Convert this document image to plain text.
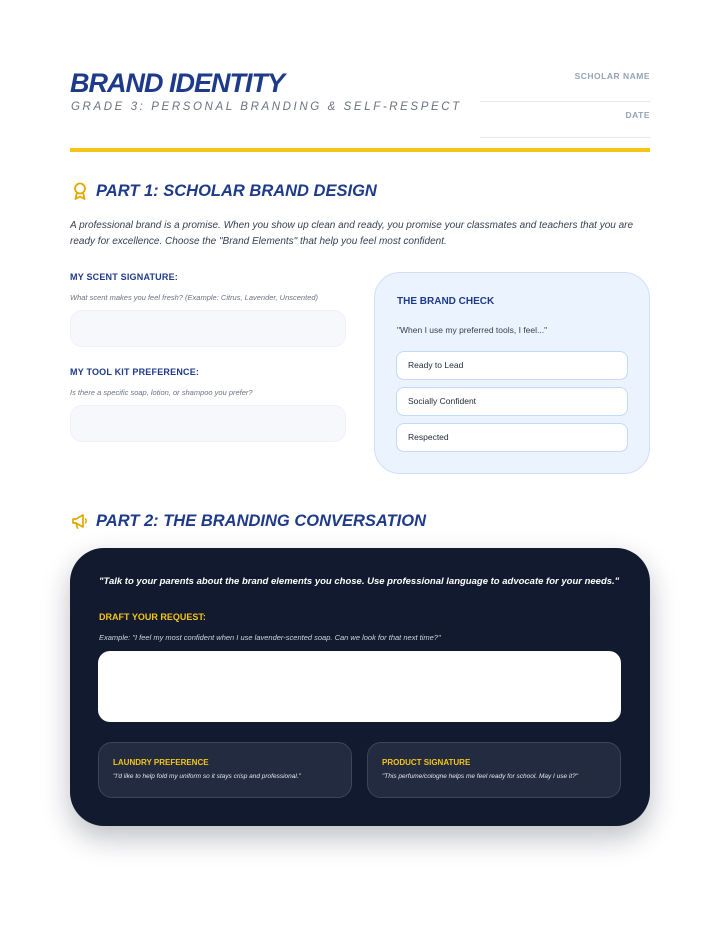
BRAND IDENTITY
GRADE 3: PERSONAL BRANDING & SELF-RESPECT
SCHOLAR NAME
DATE
PART 1: SCHOLAR BRAND DESIGN
A professional brand is a promise. When you show up clean and ready, you promise your classmates and teachers that you are ready for excellence. Choose the "Brand Elements" that help you feel most confident.
MY SCENT SIGNATURE:
What scent makes you feel fresh? (Example: Citrus, Lavender, Unscented)
MY TOOL KIT PREFERENCE:
Is there a specific soap, lotion, or shampoo you prefer?
THE BRAND CHECK
"When I use my preferred tools, I feel..."
Ready to Lead
Socially Confident
Respected
PART 2: THE BRANDING CONVERSATION
"Talk to your parents about the brand elements you chose. Use professional language to advocate for your needs."
DRAFT YOUR REQUEST:
Example: "I feel my most confident when I use lavender-scented soap. Can we look for that next time?"
LAUNDRY PREFERENCE
"I'd like to help fold my uniform so it stays crisp and professional."
PRODUCT SIGNATURE
"This perfume/cologne helps me feel ready for school. May I use it?"
